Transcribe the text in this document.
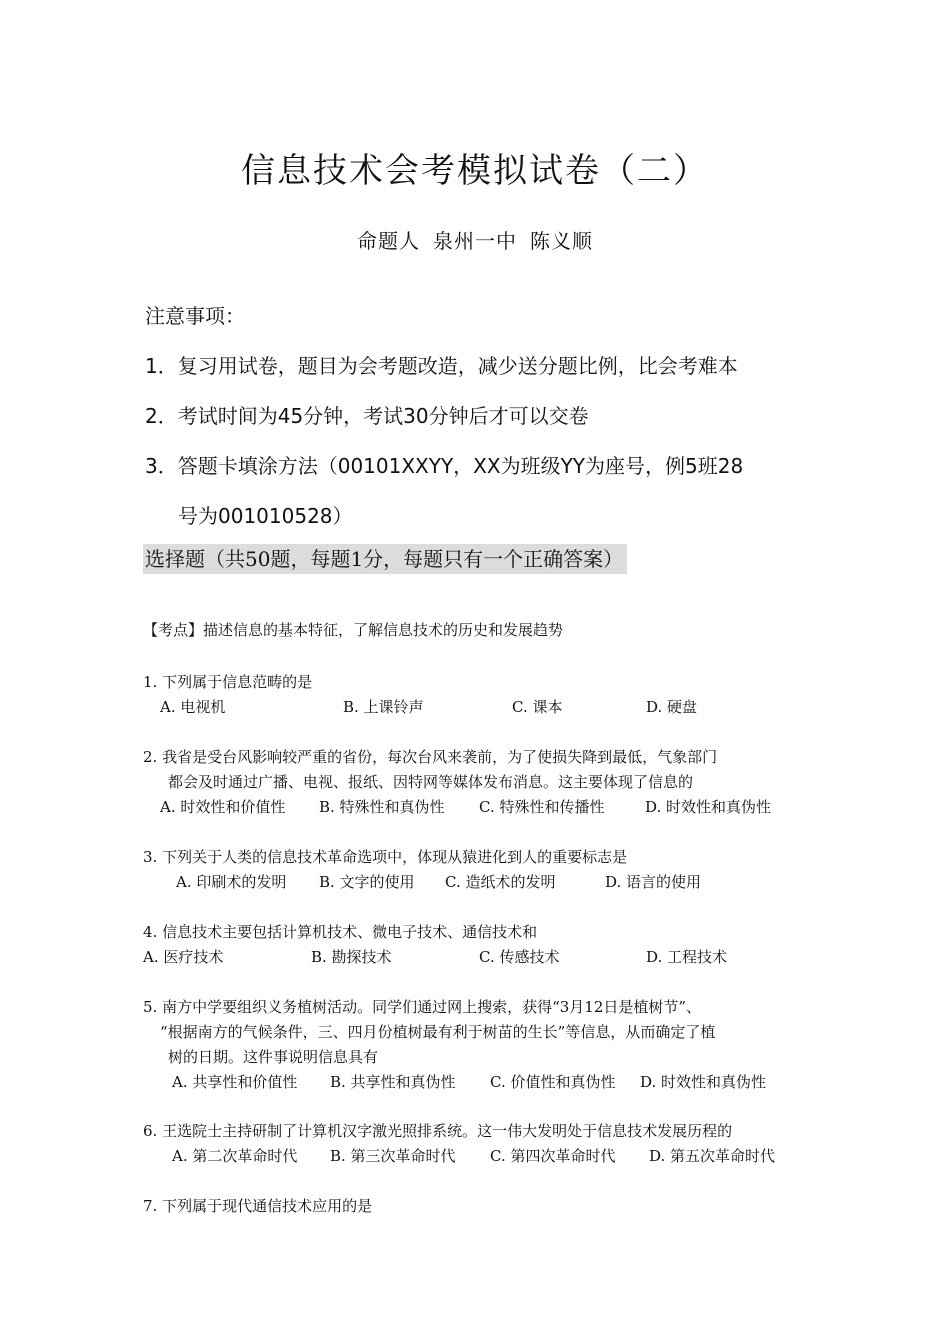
信息技术会考模拟试卷（二）
命题人 泉州一中 陈义顺
注意事项：
1．复习用试卷，题目为会考题改造，减少送分题比例，比会考难本
2．考试时间为45分钟，考试30分钟后才可以交卷
3．答题卡填涂方法（00101XXYY，XX为班级YY为座号，例5班28
号为001010528）
选择题（共50题，每题1分，每题只有一个正确答案）
【考点】描述信息的基本特征，了解信息技术的历史和发展趋势
1. 下列属于信息范畴的是
A. 电视机	B. 上课铃声	C. 课本	D. 硬盘
2. 我省是受台风影响较严重的省份，每次台风来袭前，为了使损失降到最低，气象部门
都会及时通过广播、电视、报纸、因特网等媒体发布消息。这主要体现了信息的
A. 时效性和价值性 B. 特殊性和真伪性 C. 特殊性和传播性	D. 时效性和真伪性
3. 下列关于人类的信息技术革命选项中，体现从猿进化到人的重要标志是
A. 印刷术的发明 B. 文字的使用 C. 造纸术的发明	D. 语言的使用
4. 信息技术主要包括计算机技术、微电子技术、通信技术和
A. 医疗技术	B. 勘探技术	C. 传感技术	D. 工程技术
5. 南方中学要组织义务植树活动。同学们通过网上搜索，获得“3月12日是植树节”、
“根据南方的气候条件，三、四月份植树最有利于树苗的生长”等信息，从而确定了植
树的日期。这件事说明信息具有
A. 共享性和价值性 B. 共享性和真伪性 C. 价值性和真伪性 D. 时效性和真伪性
6. 王选院士主持研制了计算机汉字激光照排系统。这一伟大发明处于信息技术发展历程的
A. 第二次革命时代 B. 第三次革命时代 C. 第四次革命时代 D. 第五次革命时代
7. 下列属于现代通信技术应用的是
